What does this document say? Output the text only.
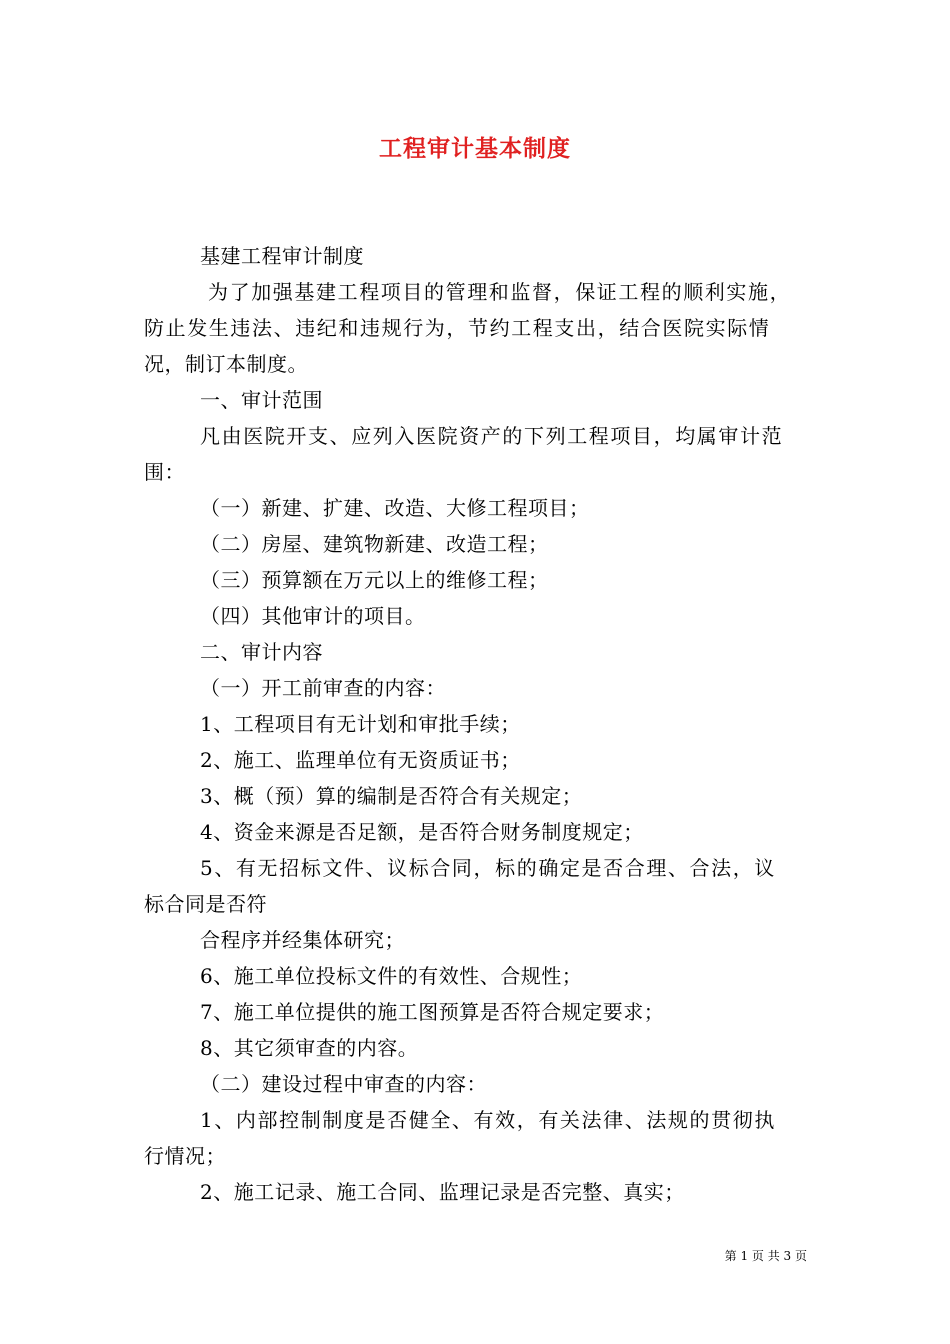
工程审计基本制度
基建工程审计制度
为了加强基建工程项目的管理和监督，保证工程的顺利实施，
防止发生违法、违纪和违规行为，节约工程支出，结合医院实际情
况，制订本制度。
一、审计范围
凡由医院开支、应列入医院资产的下列工程项目，均属审计范
围：
（一）新建、扩建、改造、大修工程项目；
（二）房屋、建筑物新建、改造工程；
（三）预算额在万元以上的维修工程；
（四）其他审计的项目。
二、审计内容
（一）开工前审查的内容：
1、工程项目有无计划和审批手续；
2、施工、监理单位有无资质证书；
3、概（预）算的编制是否符合有关规定；
4、资金来源是否足额，是否符合财务制度规定；
5、有无招标文件、议标合同，标的确定是否合理、合法，议
标合同是否符
合程序并经集体研究；
6、施工单位投标文件的有效性、合规性；
7、施工单位提供的施工图预算是否符合规定要求；
8、其它须审查的内容。
（二）建设过程中审查的内容：
1、内部控制制度是否健全、有效，有关法律、法规的贯彻执
行情况；
2、施工记录、施工合同、监理记录是否完整、真实；
第 1 页 共 3 页
